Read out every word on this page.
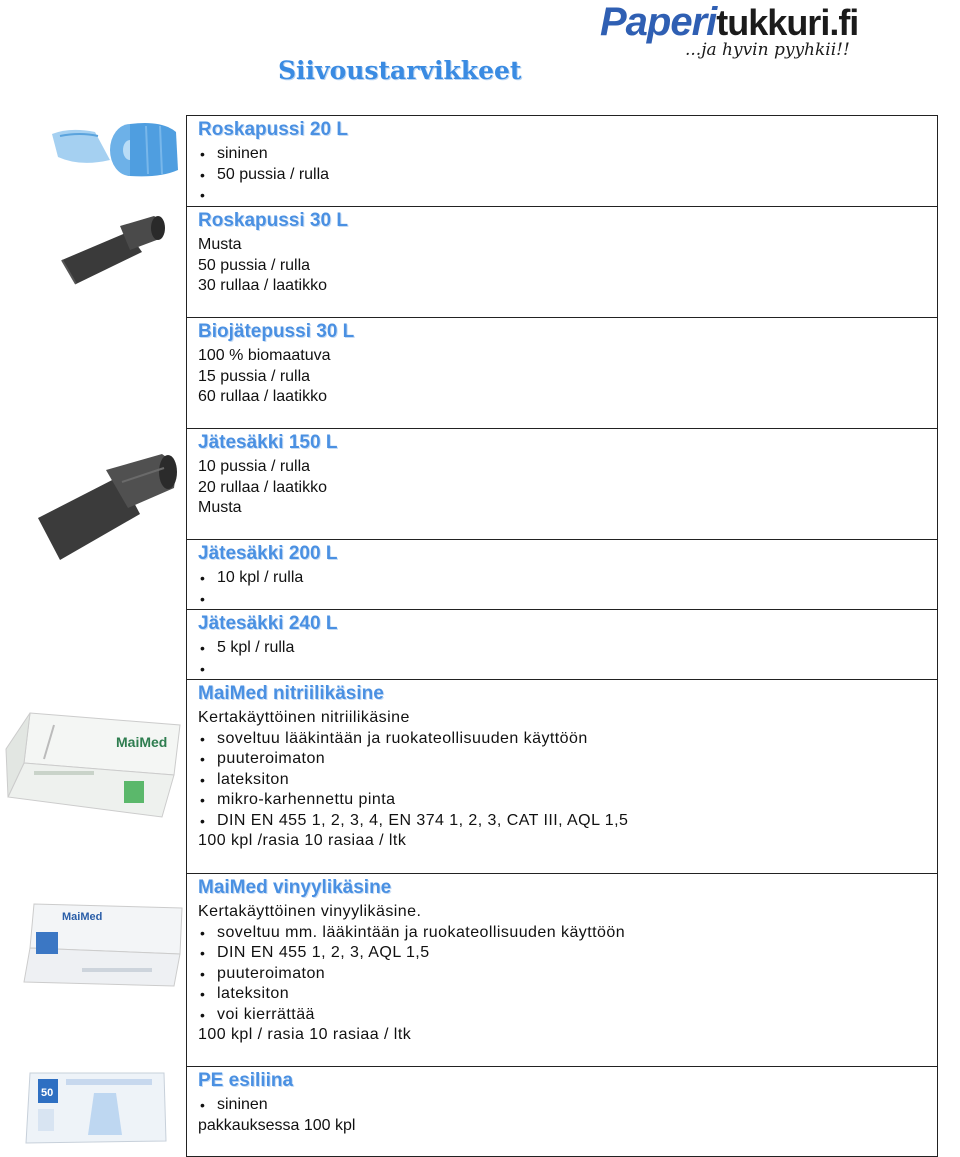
Paperitukkuri.fi
...ja hyvin pyyhkii!!
Siivoustarvikkeet
MaiMed
MaiMed
50
Roskapussi 20 L
• sininen
• 50 pussia / rulla
•
Roskapussi 30 L
Musta
50 pussia / rulla
30 rullaa / laatikko
Biojätepussi 30 L
100 % biomaatuva
15 pussia / rulla
60 rullaa / laatikko
Jätesäkki 150 L
10 pussia / rulla
20 rullaa / laatikko
Musta
Jätesäkki 200 L
• 10 kpl / rulla
•
Jätesäkki 240 L
• 5 kpl / rulla
•
MaiMed nitriilikäsine
Kertakäyttöinen nitriilikäsine
• soveltuu lääkintään ja ruokateollisuuden käyttöön
• puuteroimaton
• lateksiton
• mikro-karhennettu pinta
• DIN EN 455 1, 2, 3, 4, EN 374 1, 2, 3, CAT III, AQL 1,5
100 kpl /rasia 10 rasiaa / ltk
MaiMed vinyylikäsine
Kertakäyttöinen vinyylikäsine.
• soveltuu mm. lääkintään ja ruokateollisuuden käyttöön
• DIN EN 455 1, 2, 3, AQL 1,5
• puuteroimaton
• lateksiton
• voi kierrättää
100 kpl / rasia 10 rasiaa / ltk
PE esiliina
• sininen
pakkauksessa 100 kpl
